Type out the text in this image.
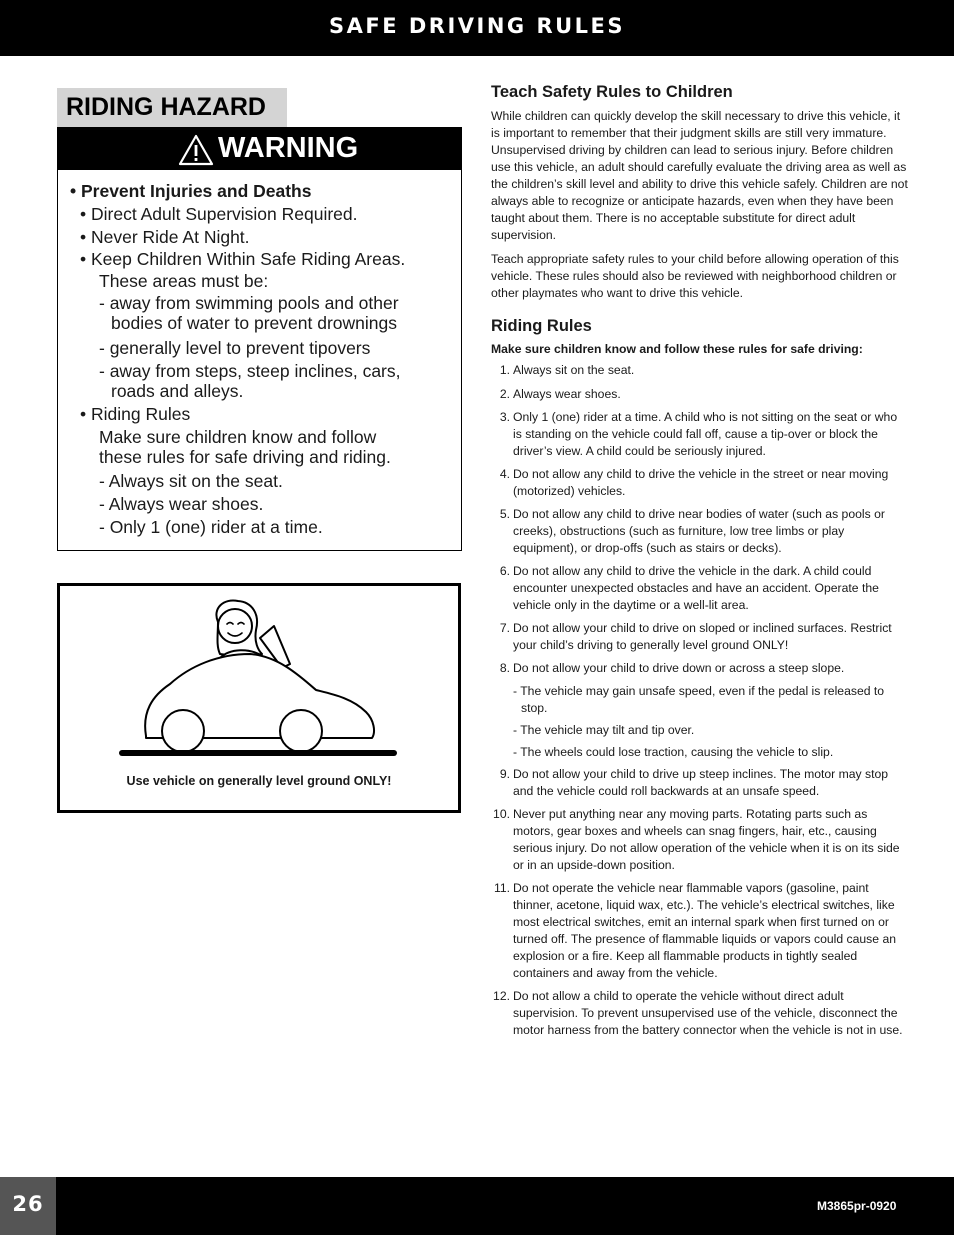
SAFE DRIVING RULES
RIDING HAZARD
WARNING
• Prevent Injuries and Deaths
• Direct Adult Supervision Required.
• Never Ride At Night.
• Keep Children Within Safe Riding Areas.
These areas must be:
- away from swimming pools and other
bodies of water to prevent drownings
- generally level to prevent tipovers
- away from steps, steep inclines, cars,
roads and alleys.
• Riding Rules
Make sure children know and follow
these rules for safe driving and riding.
- Always sit on the seat.
- Always wear shoes.
- Only 1 (one) rider at a time.
Use vehicle on generally level ground ONLY!
Teach Safety Rules to Children

While children can quickly develop the skill necessary to drive this vehicle, it is important to remember that their judgment skills are still very immature. Unsupervised driving by children can lead to serious injury. Before children use this vehicle, an adult should carefully evaluate the driving area as well as the children’s skill level and ability to drive this vehicle safely. Children are not always able to recognize or anticipate hazards, even when they have been taught about them. There is no acceptable substitute for direct adult supervision.

Teach appropriate safety rules to your child before allowing operation of this vehicle. These rules should also be reviewed with neighborhood children or other playmates who want to drive this vehicle.

Riding Rules

Make sure children know and follow these rules for safe driving:

1. Always sit on the seat.
2. Always wear shoes.
3. Only 1 (one) rider at a time. A child who is not sitting on the seat or who is standing on the vehicle could fall off, cause a tip-over or block the driver’s view. A child could be seriously injured.
4. Do not allow any child to drive the vehicle in the street or near moving (motorized) vehicles.
5. Do not allow any child to drive near bodies of water (such as pools or creeks), obstructions (such as furniture, low tree limbs or play equipment), or drop-offs (such as stairs or decks).
6. Do not allow any child to drive the vehicle in the dark. A child could encounter unexpected obstacles and have an accident. Operate the vehicle only in the daytime or a well-lit area.
7. Do not allow your child to drive on sloped or inclined surfaces. Restrict your child’s driving to generally level ground ONLY!
8. Do not allow your child to drive down or across a steep slope.
- The vehicle may gain unsafe speed, even if the pedal is released to stop.
- The vehicle may tilt and tip over.
- The wheels could lose traction, causing the vehicle to slip.
9. Do not allow your child to drive up steep inclines. The motor may stop and the vehicle could roll backwards at an unsafe speed.
10. Never put anything near any moving parts. Rotating parts such as motors, gear boxes and wheels can snag fingers, hair, etc., causing serious injury. Do not allow operation of the vehicle when it is on its side or in an upside-down position.
11. Do not operate the vehicle near flammable vapors (gasoline, paint thinner, acetone, liquid wax, etc.). The vehicle’s electrical switches, like most electrical switches, emit an internal spark when first turned on or turned off. The presence of flammable liquids or vapors could cause an explosion or a fire. Keep all flammable products in tightly sealed containers and away from the vehicle.
12. Do not allow a child to operate the vehicle without direct adult supervision. To prevent unsupervised use of the vehicle, disconnect the motor harness from the battery connector when the vehicle is not in use.
26	M3865pr-0920
